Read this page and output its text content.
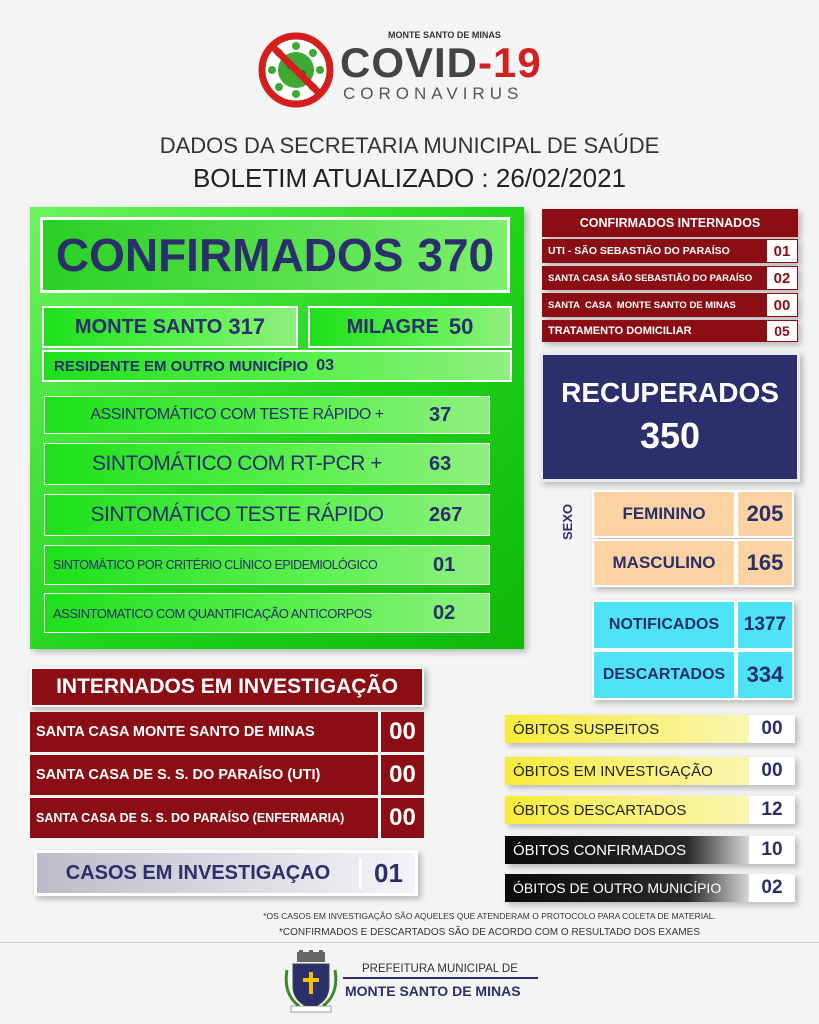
MONTE SANTO DE MINAS
COVID-19
CORONAVIRUS
DADOS DA SECRETARIA MUNICIPAL DE SAÚDE
BOLETIM ATUALIZADO : 26/02/2021
CONFIRMADOS 370
MONTE SANTO 317	MILAGRE 50
RESIDENTE EM OUTRO MUNICÍPIO 03
ASSINTOMÁTICO COM TESTE RÁPIDO +	37
SINTOMÁTICO COM RT-PCR +	63
SINTOMÁTICO TESTE RÁPIDO	267
SINTOMÁTICO POR CRITÉRIO CLÍNICO EPIDEMIOLÓGICO	01
ASSINTOMATICO COM QUANTIFICAÇÃO ANTICORPOS	02
CONFIRMADOS INTERNADOS
UTI - SÃO SEBASTIÃO DO PARAÍSO	01
SANTA CASA SÃO SEBASTIÃO DO PARAÍSO	02
SANTA  CASA  MONTE SANTO DE MINAS	00
TRATAMENTO DOMICILIAR	05
RECUPERADOS
350
SEXO	FEMININO	205
MASCULINO	165
NOTIFICADOS	1377
DESCARTADOS 334
INTERNADOS EM INVESTIGAÇÃO
SANTA CASA MONTE SANTO DE MINAS	00
SANTA CASA DE S. S. DO PARAÍSO (UTI)	00
SANTA CASA DE S. S. DO PARAÍSO (ENFERMARIA)	00
CASOS EM INVESTIGAÇAO	01
ÓBITOS SUSPEITOS	00
ÓBITOS EM INVESTIGAÇÃO	00
ÓBITOS DESCARTADOS	12
ÓBITOS CONFIRMADOS	10
ÓBITOS DE OUTRO MUNICÍPIO	02
*OS CASOS EM INVESTIGAÇÃO SÃO AQUELES QUE ATENDERAM O PROTOCOLO PARA COLETA DE MATERIAL.
*CONFIRMADOS E DESCARTADOS SÃO DE ACORDO COM O RESULTADO DOS EXAMES
PREFEITURA MUNICIPAL DE
MONTE SANTO DE MINAS
